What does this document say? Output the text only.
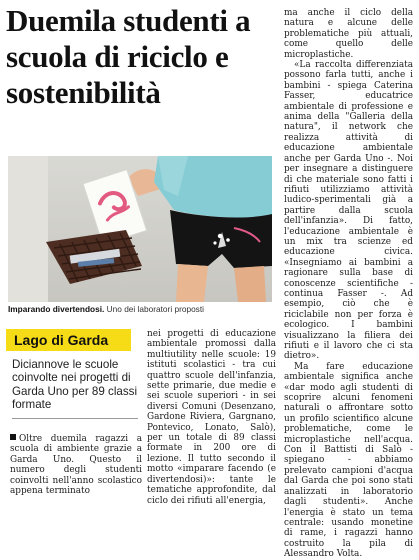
Duemila studenti a scuola di riciclo e sostenibilità
Imparando divertendosi. Uno dei laboratori proposti
Lago di Garda
Diciannove le scuole coinvolte nei progetti di Garda Uno per 89 classi formate

Oltre duemila ragazzi a scuola di ambiente grazie a Garda Uno. Questo il numero degli studenti coinvolti nell'anno scolastico appena terminato

nei progetti di educazione ambientale promossi dalla multiutility nelle scuole: 19 istituti scolastici - tra cui quattro scuole dell'infanzia, sette primarie, due medie e sei scuole superiori - in sei diversi Comuni (Desenzano, Gardone Riviera, Gargnano, Pontevico, Lonato, Salò), per un totale di 89 classi formate in 200 ore di lezione. Il tutto secondo il motto «imparare facendo (e divertendosi)»: tante le tematiche approfondite, dal ciclo dei rifiuti all'energia,

ma anche il ciclo della natura e alcune delle problematiche più attuali, come quello delle microplastiche.

«La raccolta differenziata possono farla tutti, anche i bambini - spiega Caterina Fasser, educatrice ambientale di professione e anima della "Galleria della natura", il network che realizza attività di educazione ambientale anche per Garda Uno -. Noi per insegnare a distinguere di che materiale sono fatti i rifiuti utilizziamo attività ludico-sperimentali già a partire dalla scuola dell'infanzia». Di fatto, l'educazione ambientale è un mix tra scienze ed educazione civica. «Insegniamo ai bambini a ragionare sulla base di conoscenze scientifiche - continua Fasser -. Ad esempio, ciò che è riciclabile non per forza è ecologico. I bambini visualizzano la filiera dei rifiuti e il lavoro che ci sta dietro».

Ma fare educazione ambientale significa anche «dar modo agli studenti di scoprire alcuni fenomeni naturali o affrontare sotto un profilo scientifico alcune problematiche, come le microplastiche nell'acqua. Con il Battisti di Salò - spiegano - abbiamo prelevato campioni d'acqua dal Garda che poi sono stati analizzati in laboratorio dagli studenti». Anche l'energia è stato un tema centrale: usando monetine di rame, i ragazzi hanno costruito la pila di Alessandro Volta.
